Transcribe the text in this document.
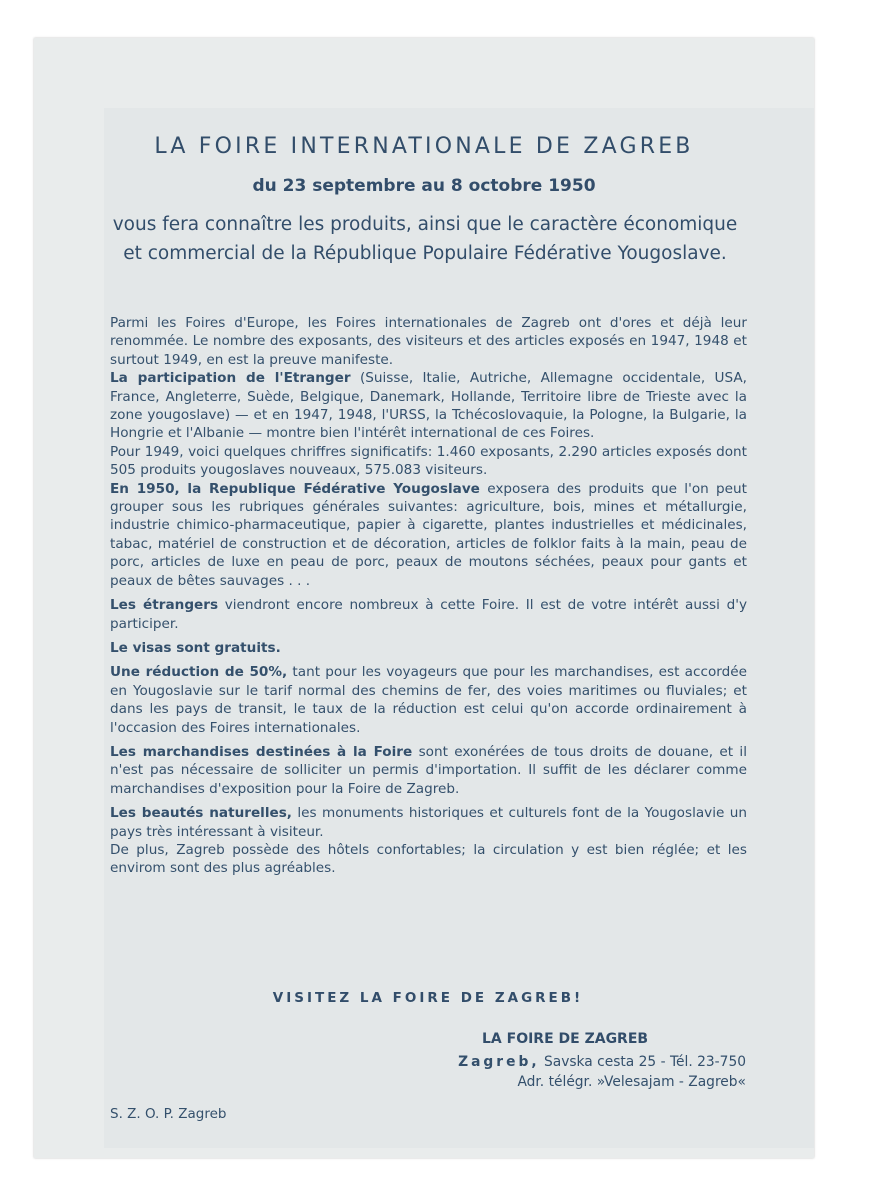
LA FOIRE INTERNATIONALE DE ZAGREB
du 23 septembre au 8 octobre 1950
vous fera connaître les produits, ainsi que le caractère économique et commercial de la République Populaire Fédérative Yougoslave.

Parmi les Foires d'Europe, les Foires internationales de Zagreb ont d'ores et déjà leur renommée. Le nombre des exposants, des visiteurs et des articles exposés en 1947, 1948 et surtout 1949, en est la preuve manifeste.

La participation de l'Etranger (Suisse, Italie, Autriche, Allemagne occidentale, USA, France, Angleterre, Suède, Belgique, Danemark, Hollande, Territoire libre de Trieste avec la zone yougoslave) — et en 1947, 1948, l'URSS, la Tchécoslovaquie, la Pologne, la Bulgarie, la Hongrie et l'Albanie — montre bien l'intérêt international de ces Foires.

Pour 1949, voici quelques chriffres significatifs: 1.460 exposants, 2.290 articles exposés dont 505 produits yougoslaves nouveaux, 575.083 visiteurs.

En 1950, la Republique Fédérative Yougoslave exposera des produits que l'on peut grouper sous les rubriques générales suivantes: agriculture, bois, mines et métallurgie, industrie chimico-pharmaceutique, papier à cigarette, plantes industrielles et médicinales, tabac, matériel de construction et de décoration, articles de folklor faits à la main, peau de porc, articles de luxe en peau de porc, peaux de moutons séchées, peaux pour gants et peaux de bêtes sauvages . . .

Les étrangers viendront encore nombreux à cette Foire. Il est de votre intérêt aussi d'y participer.

Le visas sont gratuits.

Une réduction de 50%, tant pour les voyageurs que pour les marchandises, est accordée en Yougoslavie sur le tarif normal des chemins de fer, des voies maritimes ou fluviales; et dans les pays de transit, le taux de la réduction est celui qu'on accorde ordinairement à l'occasion des Foires internationales.

Les marchandises destinées à la Foire sont exonérées de tous droits de douane, et il n'est pas nécessaire de solliciter un permis d'importation. Il suffit de les déclarer comme marchandises d'exposition pour la Foire de Zagreb.

Les beautés naturelles, les monuments historiques et culturels font de la Yougoslavie un pays très intéressant à visiteur.

De plus, Zagreb possède des hôtels confortables; la circulation y est bien réglée; et les envirom sont des plus agréables.

VISITEZ LA FOIRE DE ZAGREB!
LA FOIRE DE ZAGREB
Zagreb, Savska cesta 25 - Tél. 23-750
Adr. télégr. »Velesajam - Zagreb«
S. Z. O. P. Zagreb
